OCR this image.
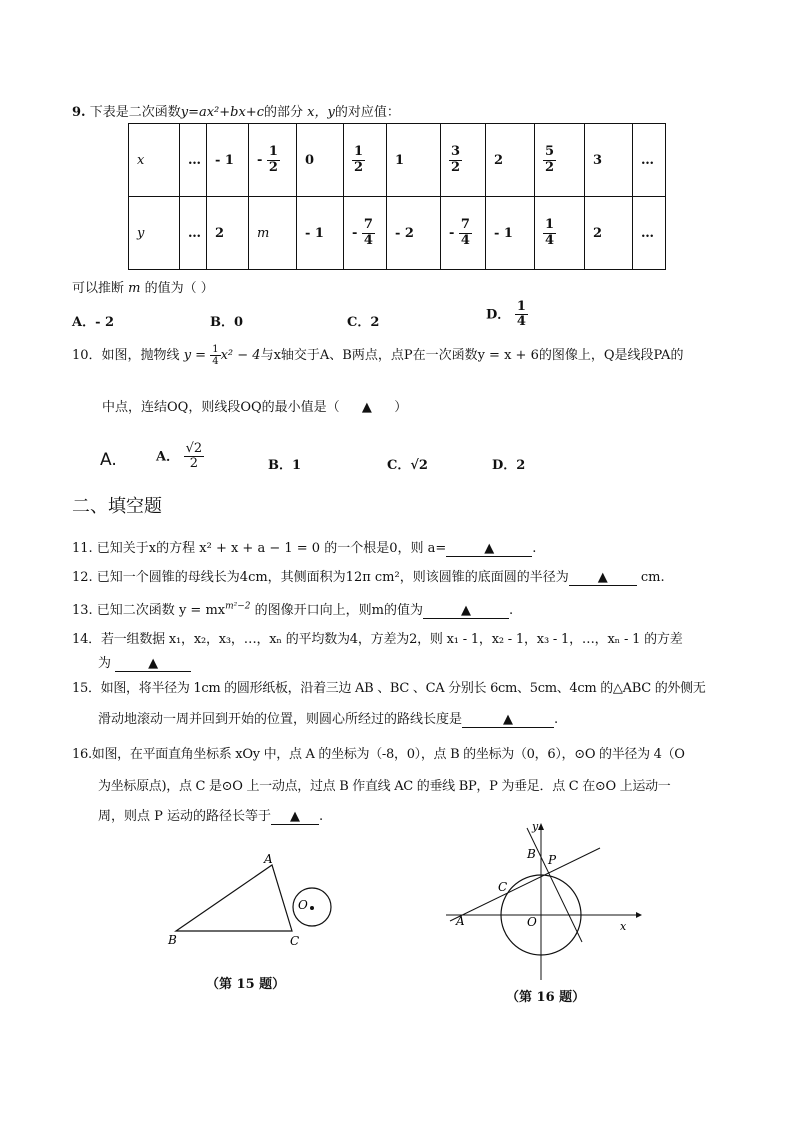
9. 下表是二次函数y=ax²+bx+c的部分 x，y的对应值：
x	…	- 1	- $\frac{1}{2}$	0	$\frac{1}{2}$	1	$\frac{3}{2}$	2	$\frac{5}{2}$	3	…
y	…	2	m	- 1	- $\frac{7}{4}$	- 2	- $\frac{7}{4}$	- 1	$\frac{1}{4}$	2	…
可以推断 m 的值为（ ）
A．- 2	B．0	C．2
D． $\frac{1}{4}$
10．如图，抛物线 $y = \frac{1}{4} x^2 - 4$与x轴交于A、B两点，点P在一次函数y = x + 6的图像上，Q是线段PA的
中点，连结OQ，则线段OQ的最小值是（ ▲ ）
A.	A． $\frac{√2}{2}$	B．1	C．√2	D．2
二、填空题
11. 已知关于x的方程 x² + x + a − 1 = 0 的一个根是0，则 a=	▲	.
12. 已知一个圆锥的母线长为4cm，其侧面积为12π cm²，则该圆锥的底面圆的半径为 ▲	cm.
13. 已知二次函数 $y = mx^{m^2-2}$ 的图像开口向上，则m的值为	▲	.
14．若一组数据 x₁，x₂，x₃，…，xₙ 的平均数为4，方差为2，则 x₁ - 1，x₂ - 1，x₃ - 1，…，xₙ - 1 的方差
为	▲
15．如图，将半径为 1cm 的圆形纸板，沿着三边 AB 、BC 、CA 分别长 6cm、5cm、4cm 的△ABC 的外侧无
滑动地滚动一周并回到开始的位置，则圆心所经过的路线长度是	▲	.
16.如图，在平面直角坐标系 xOy 中，点 A 的坐标为（-8，0），点 B 的坐标为（0，6），⊙O 的半径为 4（O
为坐标原点)，点 C 是⊙O 上一动点，过点 B 作直线 AC 的垂线 BP，P 为垂足．点 C 在⊙O 上运动一
周，则点 P 运动的路径长等于 ▲ .
A
B	C
O
（第 15 题）
x
y
A	O
B P
C
（第 16 题）
